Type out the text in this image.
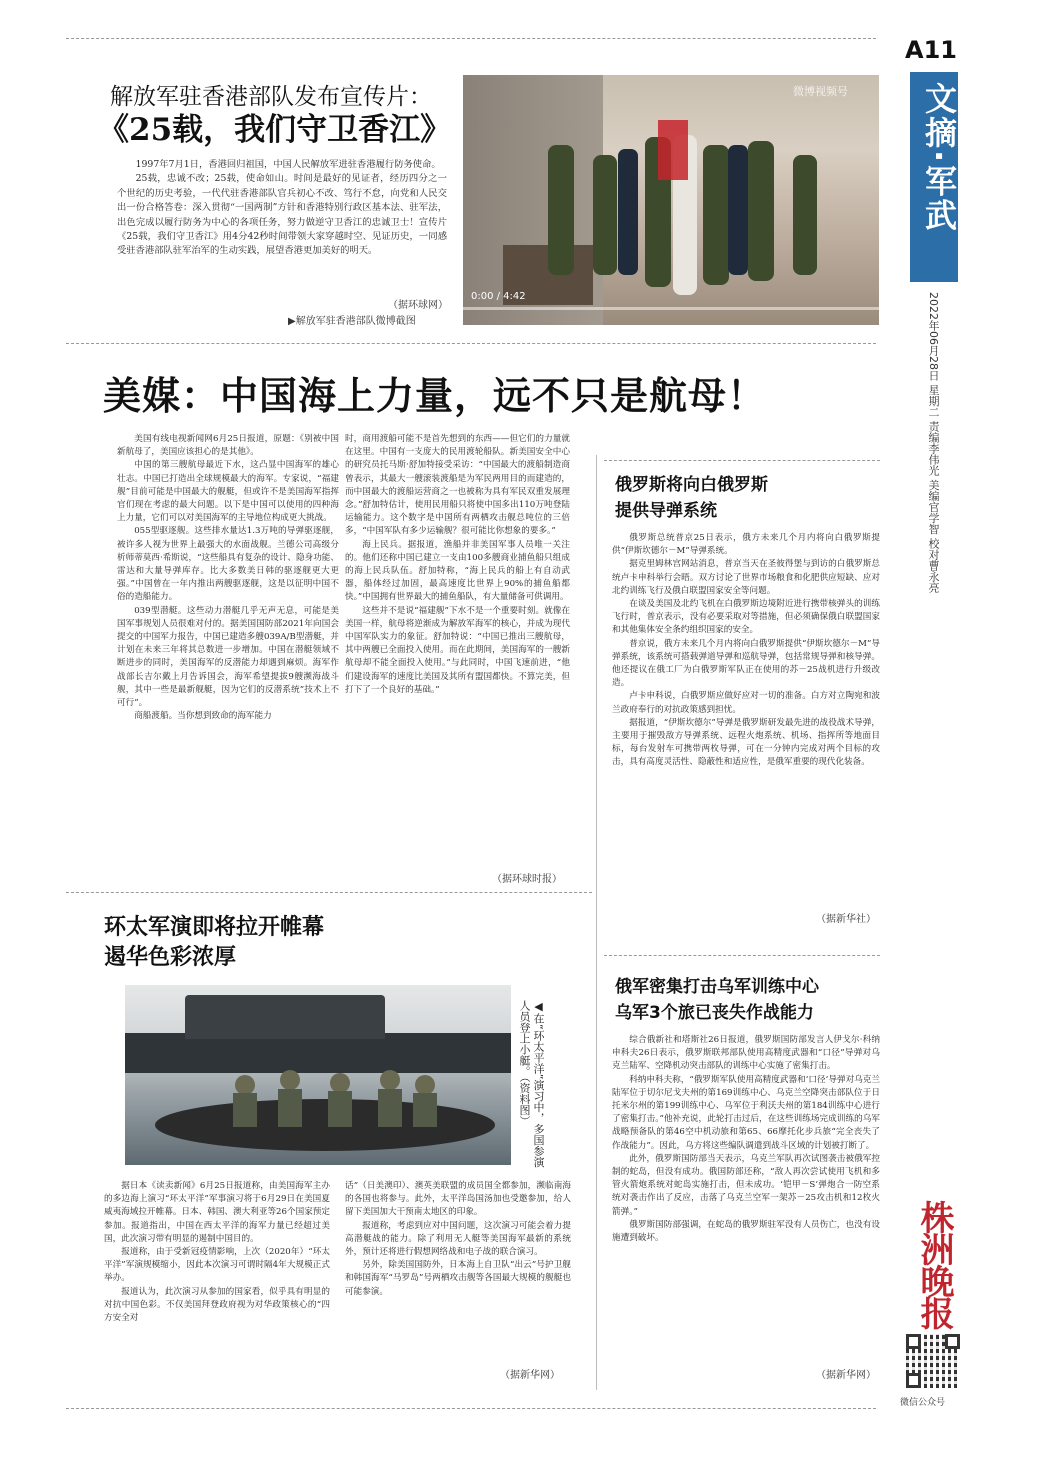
A11
文摘·军武
2022年06月28日 星期二 责编李伟光 美编官学智 校对曹永亮
株洲晚报
微信公众号
解放军驻香港部队发布宣传片：
《25载，我们守卫香江》

1997年7月1日，香港回归祖国，中国人民解放军进驻香港履行防务使命。

25载，忠诚不改；25载，使命如山。时间是最好的见证者，经历四分之一个世纪的历史考验，一代代驻香港部队官兵初心不改、笃行不怠，向党和人民交出一份合格答卷：深入贯彻“一国两制”方针和香港特别行政区基本法、驻军法，出色完成以履行防务为中心的各项任务，努力做逆守卫香江的忠诚卫士！宣传片《25载，我们守卫香江》用4分42秒时间带领大家穿越时空、见证历史，一同感受驻香港部队驻军治军的生动实践，展望香港更加美好的明天。

（据环球网）
▶解放军驻香港部队微博截图
微博视频号
0:00 / 4:42
美媒：中国海上力量，远不只是航母！

美国有线电视新闻网6月25日报道，原题：《别被中国新航母了，美国应该担心的是其他》。

中国的第三艘航母最近下水，这凸显中国海军的雄心壮志。中国已打造出全球规模最大的海军。专家说，“福建舰”目前可能是中国最大的舰艇，但或许不是美国海军指挥官们现在考虑的最大问题。以下是中国可以使用的四种海上力量，它们可以对美国海军的主导地位构成更大挑战。

055型驱逐舰。这些排水量达1.3万吨的导弹驱逐舰，被许多人视为世界上最强大的水面战舰。兰德公司高级分析师蒂莫西·希斯说，“这些船具有复杂的设计、隐身功能、雷达和大量导弹库存。比大多数美日韩的驱逐舰更大更强。”中国曾在一年内推出两艘驱逐舰，这是以征明中国不俗的造船能力。

039型潜艇。这些动力潜艇几乎无声无息，可能是美国军事规划人员很难对付的。据美国国防部2021年向国会提交的中国军力报告，中国已建造多艘039A/B型潜艇，并计划在未来三年将其总数进一步增加。中国在潜艇领域不断进步的同时，美国海军的反潜能力却遇到麻烦。海军作战部长吉尔戴上月告诉国会，海军希望提拔9艘濒海战斗舰，其中一些是最新舰艇，因为它们的反潜系统”技术上不可行”。

商船渡船。当你想到致命的海军能力

时，商用渡船可能不是首先想到的东西——但它们的力量就在这里。中国有一支庞大的民用渡轮船队。新美国安全中心的研究员托马斯·舒加特接受采访：“中国最大的渡船制造商曾表示，其最大一艘滚装渡船是为军民两用目的而建造的，而中国最大的渡船运营商之一也被称为具有军民双重发展理念。”舒加特估计，使用民用船只将使中国多出110万吨登陆运输能力。这个数字是中国所有两栖攻击舰总吨位的三倍多，“中国军队有多少运输舰？很可能比你想象的要多。”

海上民兵。据报道，渔船并非美国军事人员唯一关注的。他们还称中国已建立一支由100多艘商业捕鱼船只组成的海上民兵队伍。舒加特称，“海上民兵的船上有自动武器，船体经过加固，最高速度比世界上90%的捕鱼船都快。”中国拥有世界最大的捕鱼船队，有大量储备可供调用。

这些并不是说“福建舰”下水不是一个重要时刻。就像在美国一样，航母将逆渐成为解放军海军的核心，并成为现代中国军队实力的象征。舒加特说：“中国已推出三艘航母，其中两艘已全面投入使用。而在此期间，美国海军的一艘新航母却不能全面投入使用。”与此同时，中国飞速前进，“他们建设海军的速度比美国及其所有盟国都快。不算完美，但打下了一个良好的基础。”

（据环球时报）
俄罗斯将向白俄罗斯
提供导弹系统

俄罗斯总统普京25日表示，俄方未来几个月内将向白俄罗斯提供“伊斯坎德尔－M”导弹系统。

据克里姆林宫网站消息，普京当天在圣彼得堡与到访的白俄罗斯总统卢卡申科举行会晤。双方讨论了世界市场粮食和化肥供应短缺、应对北约训练飞行及俄白联盟国家安全等问题。

在谈及美国及北约飞机在白俄罗斯边境附近进行携带核弹头的训练飞行时，普京表示，没有必要采取对等措施，但必须确保俄白联盟国家和其他集体安全条约组织国家的安全。

普京说，俄方未来几个月内将向白俄罗斯提供“伊斯坎德尔－M”导弹系统，该系统可搭载弹道导弹和巡航导弹，包括常规导弹和核导弹。他还提议在俄工厂为白俄罗斯军队正在使用的苏－25战机进行升级改造。

卢卡申科说，白俄罗斯应做好应对一切的准备。白方对立陶宛和波兰政府奉行的对抗政策感到担忧。

据报道，“伊斯坎德尔”导弹是俄罗斯研发最先进的战役战术导弹，主要用于摧毁敌方导弹系统、远程火炮系统、机场、指挥所等地面目标，每台发射车可携带两枚导弹，可在一分钟内完成对两个目标的攻击，具有高度灵活性、隐蔽性和适应性，是俄军重要的现代化装备。

（据新华社）
环太军演即将拉开帷幕
遏华色彩浓厚
◀在“环太平洋”演习中，多国参演人员登上小艇。（资料图）

据日本《读卖新闻》6月25日报道称，由美国海军主办的多边海上演习“环太平洋”军事演习将于6月29日在美国夏威夷海域拉开帷幕。日本、韩国、澳大利亚等26个国家预定参加。报道指出，中国在西太平洋的海军力量已经超过美国，此次演习带有明显的遏制中国目的。

报道称，由于受新冠疫情影响，上次（2020年）“环太平洋”军演规模缩小，因此本次演习可谓时隔4年大规模正式举办。

报道认为，此次演习从参加的国家看，似乎具有明显的对抗中国色彩。不仅美国拜登政府视为对华政策核心的“四方安全对

话”（日美澳印）、澳英美联盟的成员国全都参加，濒临南海的各国也将参与。此外，太平洋岛国汤加也受邀参加，给人留下美国加大干预南太地区的印象。

报道称，考虑到应对中国问题，这次演习可能会着力提高潜艇战的能力。除了利用无人艇等美国海军最新的系统外，预计还将进行假想网络战和电子战的联合演习。

另外，除美国国防外，日本海上自卫队“出云”号护卫舰和韩国海军“马罗岛”号两栖攻击舰等各国最大规模的舰艇也可能参演。

（据新华网）
俄军密集打击乌军训练中心
乌军3个旅已丧失作战能力

综合俄新社和塔斯社26日报道，俄罗斯国防部发言人伊戈尔·科纳申科夫26日表示，俄罗斯联邦部队使用高精度武器和“口径”导弹对乌克兰陆军、空降机动突击部队的训练中心实施了密集打击。

科纳申科夫称，“俄罗斯军队使用高精度武器和‘口径’导弹对乌克兰陆军位于切尔尼戈夫州的第169训练中心、乌克兰空降突击部队位于日托米尔州的第199训练中心、乌军位于利沃夫州的第184训练中心进行了密集打击。”他补充说，此轮打击过后，在这些训练场完成训练的乌军战略预备队的第46空中机动旅和第65、66摩托化步兵旅“完全丧失了作战能力”。因此，乌方将这些编队调遣到战斗区域的计划被打断了。

此外，俄罗斯国防部当天表示，乌克兰军队再次试图袭击被俄军控制的蛇岛，但没有成功。俄国防部还称，“敌人再次尝试使用飞机和多管火箭炮系统对蛇岛实施打击，但未成功。‘铠甲－S’弹炮合一防空系统对袭击作出了反应，击落了乌克兰空军一架苏－25攻击机和12枚火箭弹。”

俄罗斯国防部强调，在蛇岛的俄罗斯驻军没有人员伤亡，也没有设施遭到破坏。

（据新华网）
